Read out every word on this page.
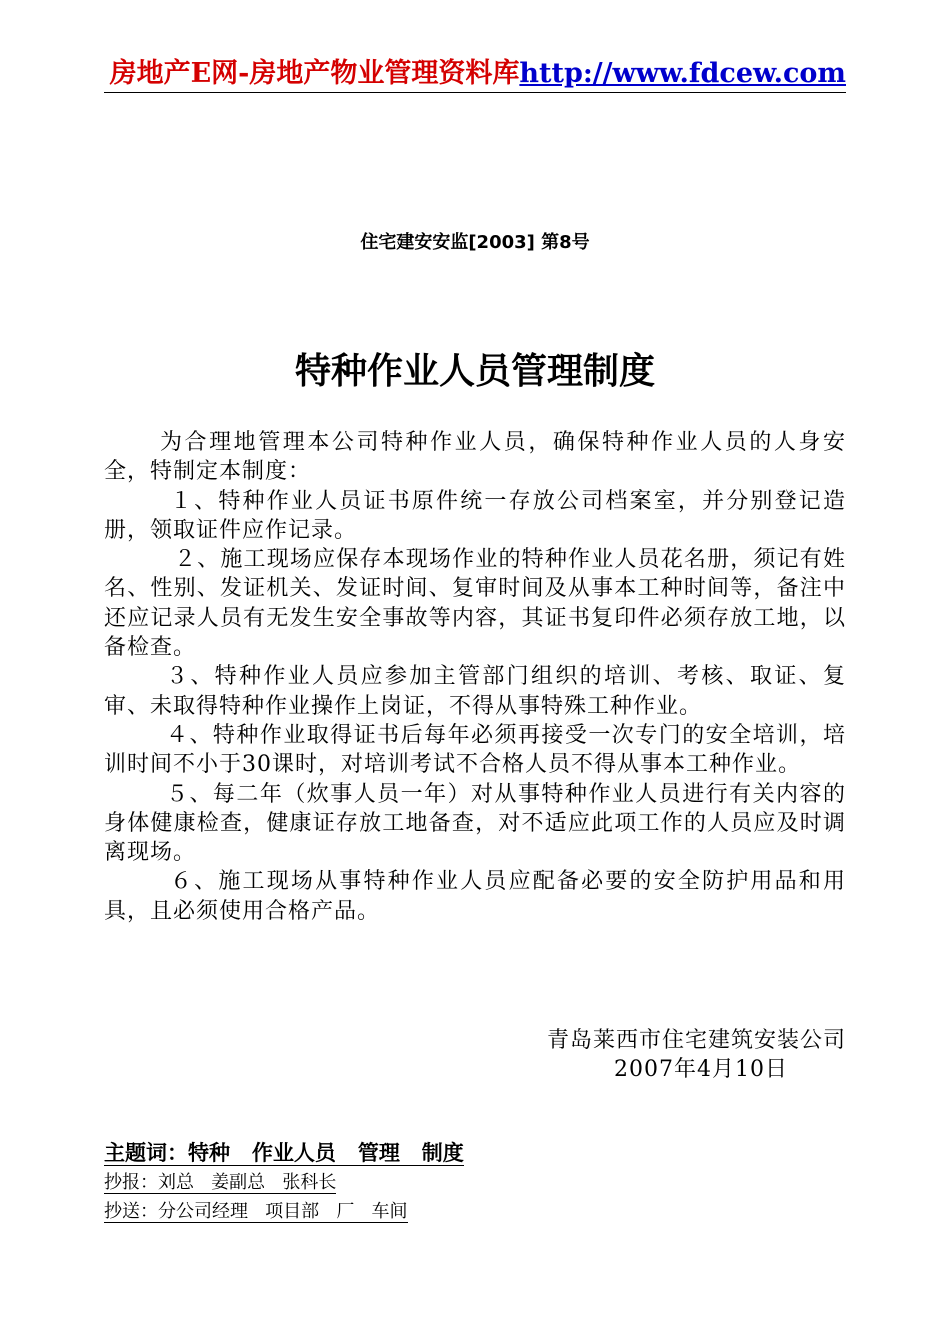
房地产E网-房地产物业管理资料库http://www.fdcew.com
住宅建安安监[2003] 第8号
特种作业人员管理制度

为合理地管理本公司特种作业人员，确保特种作业人员的人身安全，特制定本制度：

１、特种作业人员证书原件统一存放公司档案室，并分别登记造册，领取证件应作记录。

２、施工现场应保存本现场作业的特种作业人员花名册，须记有姓名、性别、发证机关、发证时间、复审时间及从事本工种时间等，备注中还应记录人员有无发生安全事故等内容，其证书复印件必须存放工地，以备检查。

３、特种作业人员应参加主管部门组织的培训、考核、取证、复审、未取得特种作业操作上岗证，不得从事特殊工种作业。

４、特种作业取得证书后每年必须再接受一次专门的安全培训，培训时间不小于30课时，对培训考试不合格人员不得从事本工种作业。

５、每二年（炊事人员一年）对从事特种作业人员进行有关内容的身体健康检查，健康证存放工地备查，对不适应此项工作的人员应及时调离现场。

６、施工现场从事特种作业人员应配备必要的安全防护用品和用具，且必须使用合格产品。

青岛莱西市住宅建筑安装公司
2007年4月10日
主题词：特种   作业人员   管理   制度
抄报：刘总   姜副总   张科长
抄送：分公司经理   项目部   厂   车间
